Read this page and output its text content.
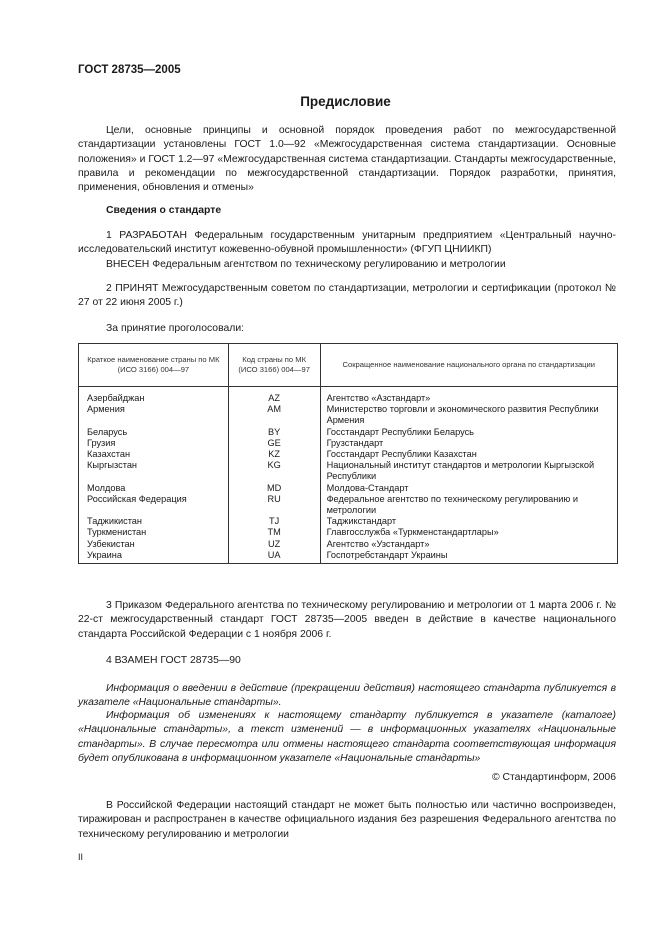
ГОСТ 28735—2005
Предисловие

Цели, основные принципы и основной порядок проведения работ по межгосударственной стандартизации установлены ГОСТ 1.0—92 «Межгосударственная система стандартизации. Основные положения» и ГОСТ 1.2—97 «Межгосударственная система стандартизации. Стандарты межгосударственные, правила и рекомендации по межгосударственной стандартизации. Порядок разработки, принятия, применения, обновления и отмены»

Сведения о стандарте

1 РАЗРАБОТАН Федеральным государственным унитарным предприятием «Центральный научно-исследовательский институт кожевенно-обувной промышленности» (ФГУП ЦНИИКП)

ВНЕСЕН Федеральным агентством по техническому регулированию и метрологии

2 ПРИНЯТ Межгосударственным советом по стандартизации, метрологии и сертификации (протокол № 27 от 22 июня 2005 г.)

За принятие проголосовали:

Краткое наименование страны по МК (ИСО 3166) 004—97	Код страны по МК (ИСО 3166) 004—97	Сокращенное наименование национального органа по стандартизации
Азербайджан	AZ	Агентство «Азстандарт»
Армения	AM	Министерство торговли и экономического развития Республики Армения
Беларусь	BY	Госстандарт Республики Беларусь
Грузия	GE	Грузстандарт
Казахстан	KZ	Госстандарт Республики Казахстан
Кыргызстан	KG	Национальный институт стандартов и метрологии Кыргызской Республики
Молдова	MD	Молдова-Стандарт
Российская Федерация	RU	Федеральное агентство по техническому регулированию и метрологии
Таджикистан	TJ	Таджикстандарт
Туркменистан	TM	Главгосслужба «Туркменстандартлары»
Узбекистан	UZ	Агентство «Узстандарт»
Украина	UA	Госпотребстандарт Украины

3 Приказом Федерального агентства по техническому регулированию и метрологии от 1 марта 2006 г. № 22-ст межгосударственный стандарт ГОСТ 28735—2005 введен в действие в качестве национального стандарта Российской Федерации с 1 ноября 2006 г.

4 ВЗАМЕН ГОСТ 28735—90

Информация о введении в действие (прекращении действия) настоящего стандарта публикуется в указателе «Национальные стандарты».

Информация об изменениях к настоящему стандарту публикуется в указателе (каталоге) «Национальные стандарты», а текст изменений — в информационных указателях «Национальные стандарты». В случае пересмотра или отмены настоящего стандарта соответствующая информация будет опубликована в информационном указателе «Национальные стандарты»

© Стандартинформ, 2006

В Российской Федерации настоящий стандарт не может быть полностью или частично воспроизведен, тиражирован и распространен в качестве официального издания без разрешения Федерального агентства по техническому регулированию и метрологии

II
